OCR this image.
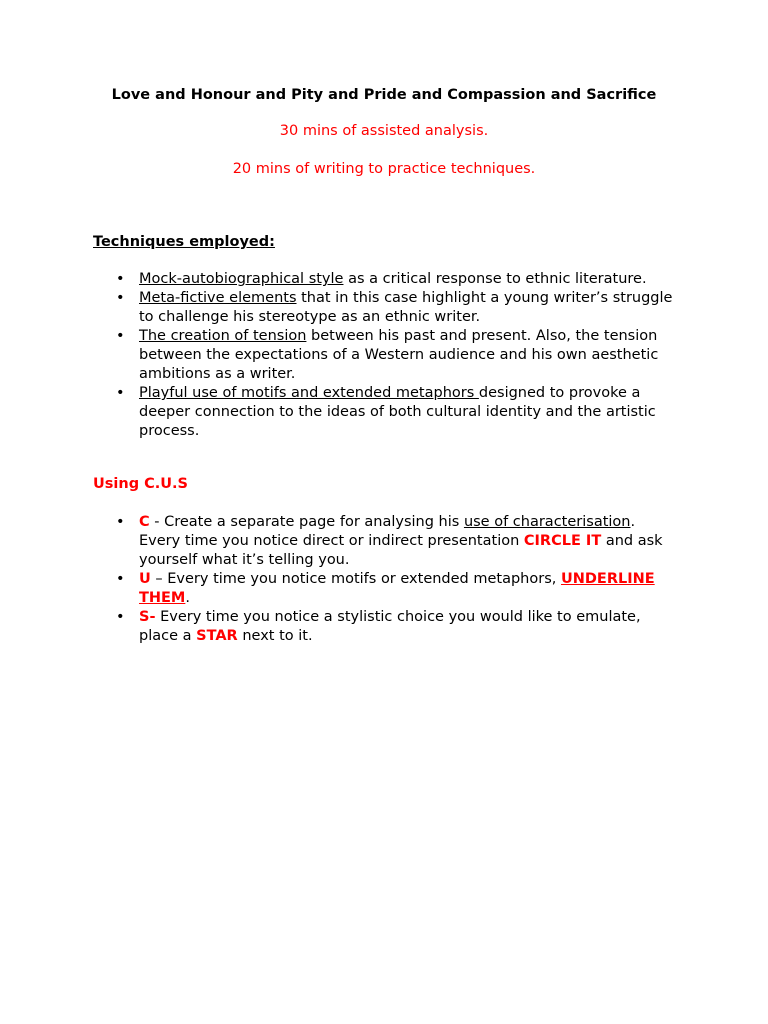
Love and Honour and Pity and Pride and Compassion and Sacrifice
30 mins of assisted analysis.
20 mins of writing to practice techniques.
Techniques employed:
• Mock-autobiographical style as a critical response to ethnic literature.
• Meta-fictive elements that in this case highlight a young writer’s struggle to challenge his stereotype as an ethnic writer.
• The creation of tension between his past and present. Also, the tension between the expectations of a Western audience and his own aesthetic ambitions as a writer.
• Playful use of motifs and extended metaphors designed to provoke a deeper connection to the ideas of both cultural identity and the artistic process.
Using C.U.S
• C - Create a separate page for analysing his use of characterisation. Every time you notice direct or indirect presentation CIRCLE IT and ask yourself what it’s telling you.
• U – Every time you notice motifs or extended metaphors, UNDERLINE THEM.
• S- Every time you notice a stylistic choice you would like to emulate, place a STAR next to it.
